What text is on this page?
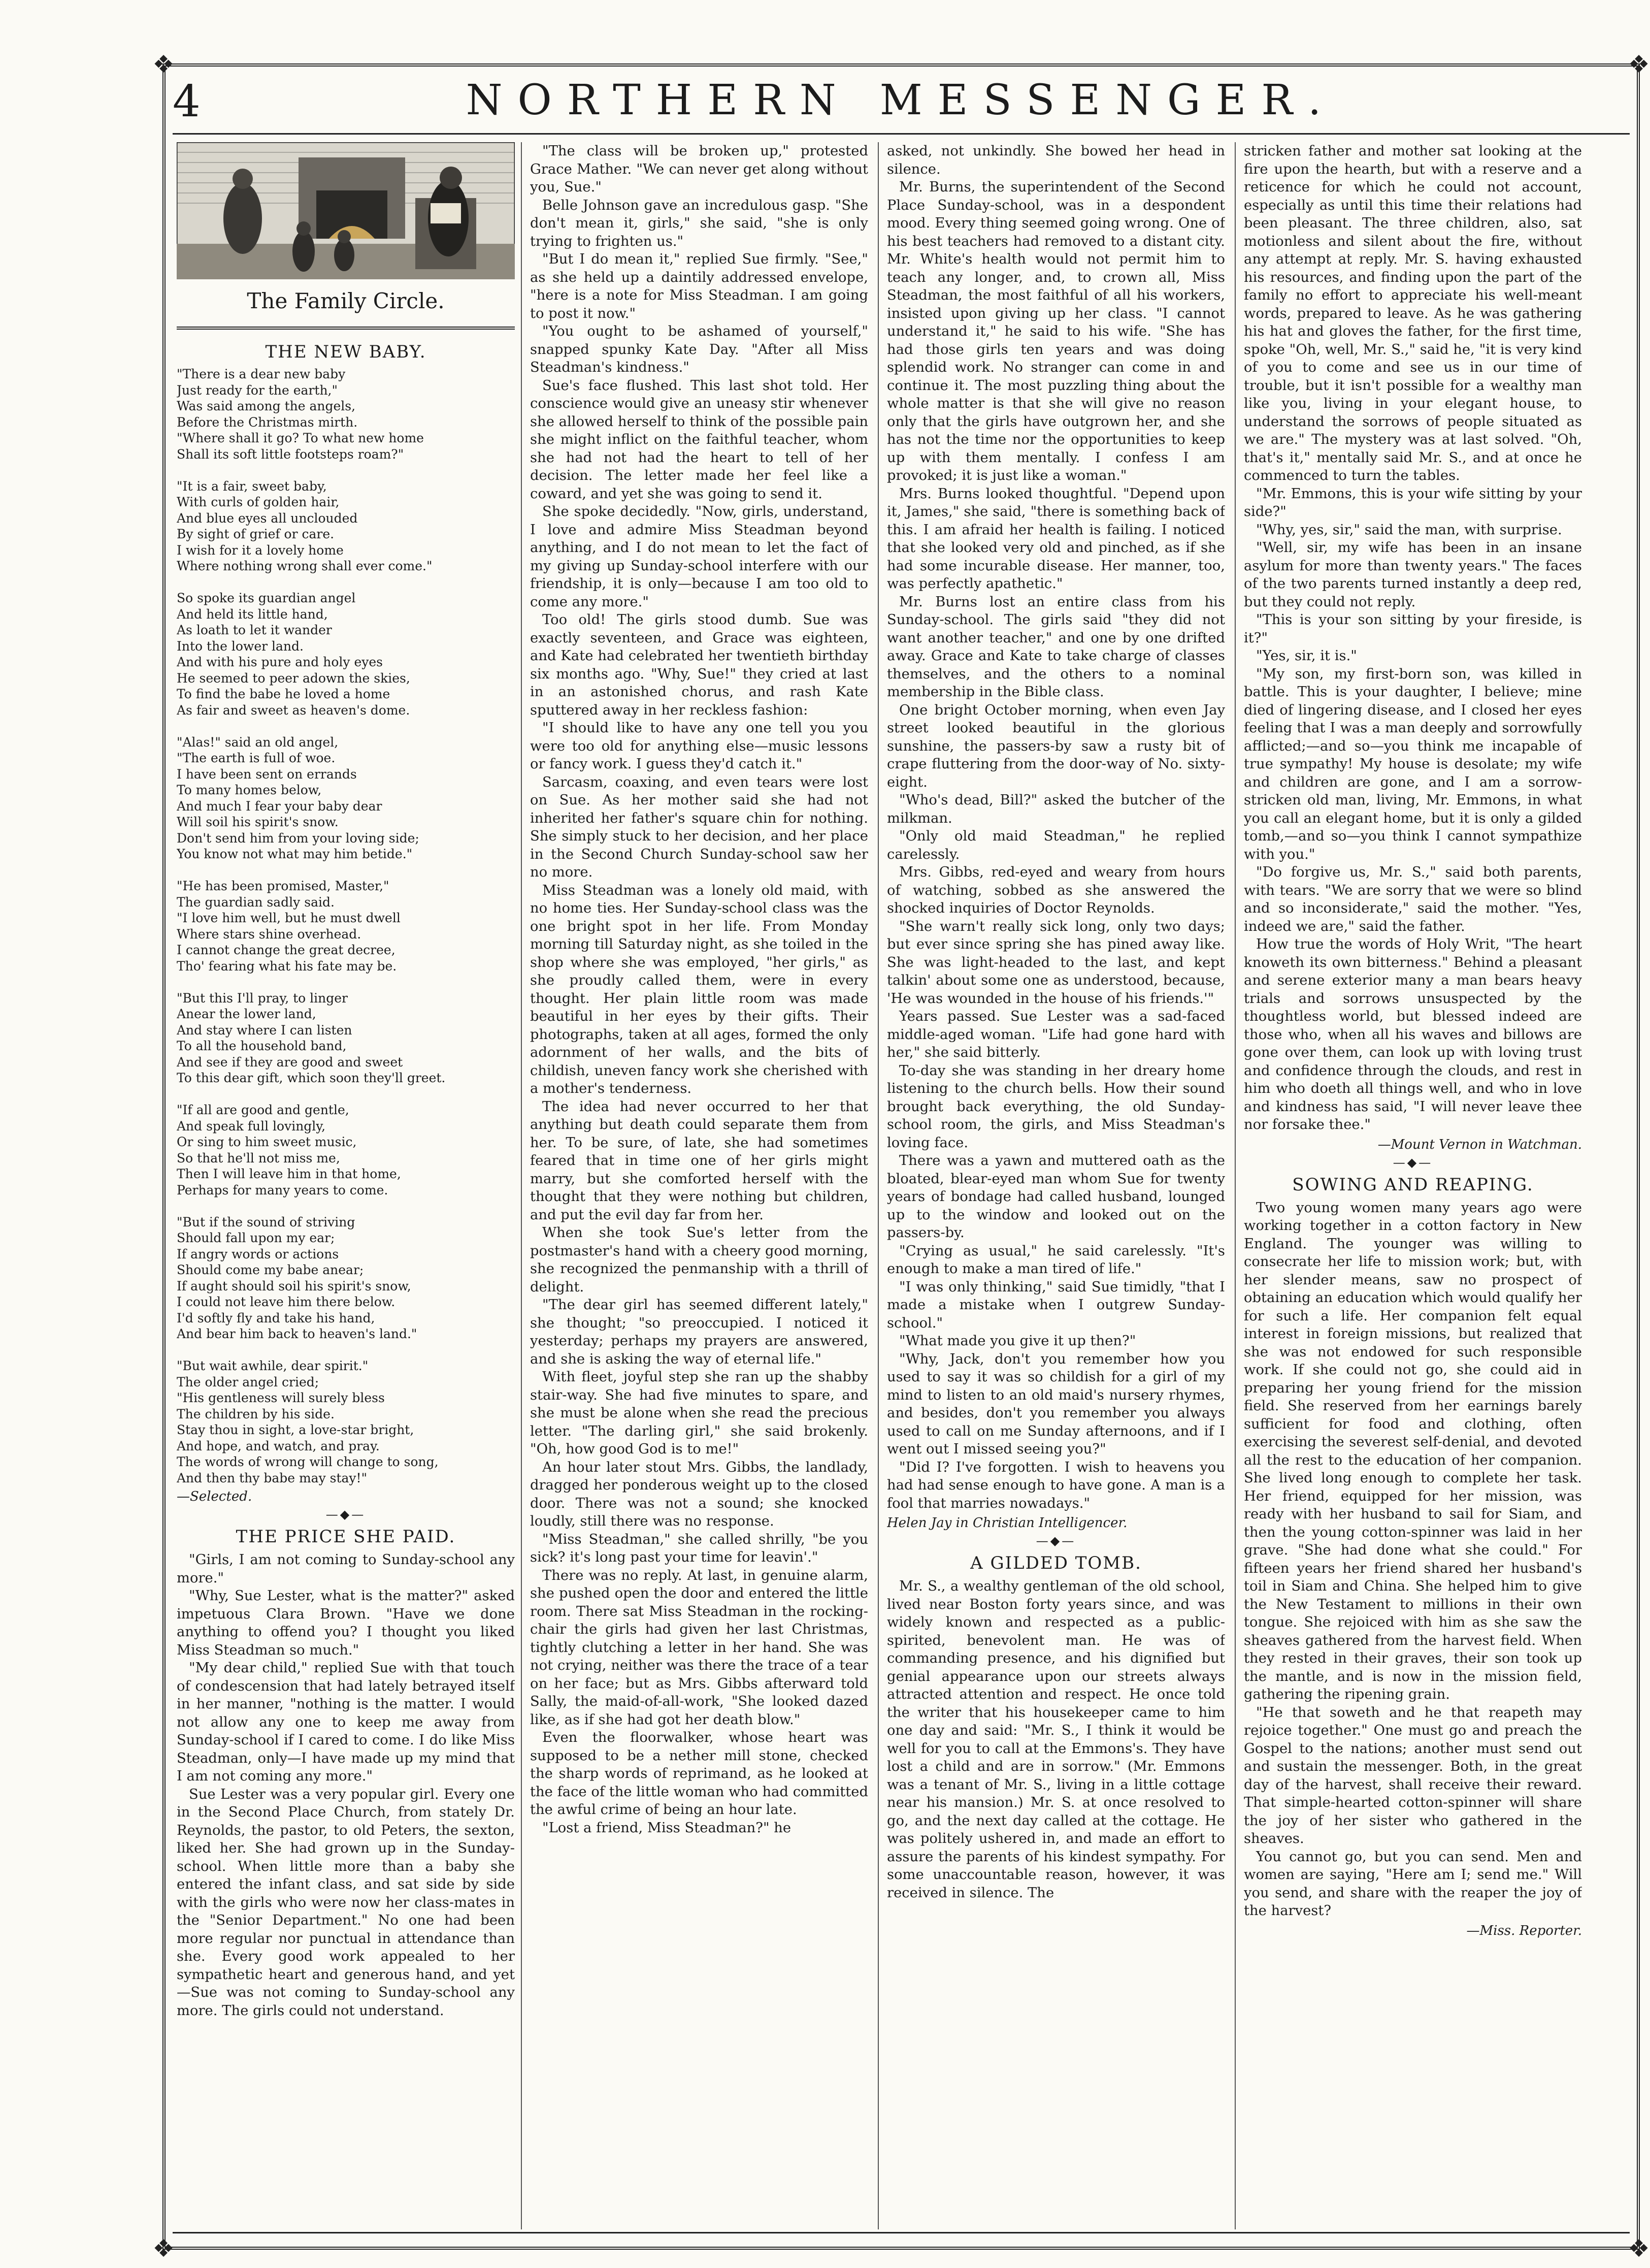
❖	❖
❖	❖
4	NORTHERN MESSENGER.
The Family Circle.
THE NEW BABY.

"There is a dear new baby
Just ready for the earth,"
Was said among the angels,
Before the Christmas mirth.
"Where shall it go? To what new home
Shall its soft little footsteps roam?"

"It is a fair, sweet baby,
With curls of golden hair,
And blue eyes all unclouded
By sight of grief or care.
I wish for it a lovely home
Where nothing wrong shall ever come."

So spoke its guardian angel
And held its little hand,
As loath to let it wander
Into the lower land.
And with his pure and holy eyes
He seemed to peer adown the skies,
To find the babe he loved a home
As fair and sweet as heaven's dome.

"Alas!" said an old angel,
"The earth is full of woe.
I have been sent on errands
To many homes below,
And much I fear your baby dear
Will soil his spirit's snow.
Don't send him from your loving side;
You know not what may him betide."

"He has been promised, Master,"
The guardian sadly said.
"I love him well, but he must dwell
Where stars shine overhead.
I cannot change the great decree,
Tho' fearing what his fate may be.

"But this I'll pray, to linger
Anear the lower land,
And stay where I can listen
To all the household band,
And see if they are good and sweet
To this dear gift, which soon they'll greet.

"If all are good and gentle,
And speak full lovingly,
Or sing to him sweet music,
So that he'll not miss me,
Then I will leave him in that home,
Perhaps for many years to come.

"But if the sound of striving
Should fall upon my ear;
If angry words or actions
Should come my babe anear;
If aught should soil his spirit's snow,
I could not leave him there below.
I'd softly fly and take his hand,
And bear him back to heaven's land."

"But wait awhile, dear spirit."
The older angel cried;
"His gentleness will surely bless
The children by his side.
Stay thou in sight, a love-star bright,
And hope, and watch, and pray.
The words of wrong will change to song,
And then thy babe may stay!"

—Selected.

—◆—
THE PRICE SHE PAID.

"Girls, I am not coming to Sunday-school any more."

"Why, Sue Lester, what is the matter?" asked impetuous Clara Brown. "Have we done anything to offend you? I thought you liked Miss Steadman so much."

"My dear child," replied Sue with that touch of condescension that had lately betrayed itself in her manner, "nothing is the matter. I would not allow any one to keep me away from Sunday-school if I cared to come. I do like Miss Steadman, only—I have made up my mind that I am not coming any more."

Sue Lester was a very popular girl. Every one in the Second Place Church, from stately Dr. Reynolds, the pastor, to old Peters, the sexton, liked her. She had grown up in the Sunday-school. When little more than a baby she entered the infant class, and sat side by side with the girls who were now her class-mates in the "Senior Department." No one had been more regular nor punctual in attendance than she. Every good work appealed to her sympathetic heart and generous hand, and yet—Sue was not coming to Sunday-school any more. The girls could not understand.

"The class will be broken up," protested Grace Mather. "We can never get along without you, Sue."

Belle Johnson gave an incredulous gasp. "She don't mean it, girls," she said, "she is only trying to frighten us."

"But I do mean it," replied Sue firmly. "See," as she held up a daintily addressed envelope, "here is a note for Miss Steadman. I am going to post it now."

"You ought to be ashamed of yourself," snapped spunky Kate Day. "After all Miss Steadman's kindness."

Sue's face flushed. This last shot told. Her conscience would give an uneasy stir whenever she allowed herself to think of the possible pain she might inflict on the faithful teacher, whom she had not had the heart to tell of her decision. The letter made her feel like a coward, and yet she was going to send it.

She spoke decidedly. "Now, girls, understand, I love and admire Miss Steadman beyond anything, and I do not mean to let the fact of my giving up Sunday-school interfere with our friendship, it is only—because I am too old to come any more."

Too old! The girls stood dumb. Sue was exactly seventeen, and Grace was eighteen, and Kate had celebrated her twentieth birthday six months ago. "Why, Sue!" they cried at last in an astonished chorus, and rash Kate sputtered away in her reckless fashion:

"I should like to have any one tell you you were too old for anything else—music lessons or fancy work. I guess they'd catch it."

Sarcasm, coaxing, and even tears were lost on Sue. As her mother said she had not inherited her father's square chin for nothing. She simply stuck to her decision, and her place in the Second Church Sunday-school saw her no more.

Miss Steadman was a lonely old maid, with no home ties. Her Sunday-school class was the one bright spot in her life. From Monday morning till Saturday night, as she toiled in the shop where she was employed, "her girls," as she proudly called them, were in every thought. Her plain little room was made beautiful in her eyes by their gifts. Their photographs, taken at all ages, formed the only adornment of her walls, and the bits of childish, uneven fancy work she cherished with a mother's tenderness.

The idea had never occurred to her that anything but death could separate them from her. To be sure, of late, she had sometimes feared that in time one of her girls might marry, but she comforted herself with the thought that they were nothing but children, and put the evil day far from her.

When she took Sue's letter from the postmaster's hand with a cheery good morning, she recognized the penmanship with a thrill of delight.

"The dear girl has seemed different lately," she thought; "so preoccupied. I noticed it yesterday; perhaps my prayers are answered, and she is asking the way of eternal life."

With fleet, joyful step she ran up the shabby stair-way. She had five minutes to spare, and she must be alone when she read the precious letter. "The darling girl," she said brokenly. "Oh, how good God is to me!"

An hour later stout Mrs. Gibbs, the landlady, dragged her ponderous weight up to the closed door. There was not a sound; she knocked loudly, still there was no response.

"Miss Steadman," she called shrilly, "be you sick? it's long past your time for leavin'."

There was no reply. At last, in genuine alarm, she pushed open the door and entered the little room. There sat Miss Steadman in the rocking-chair the girls had given her last Christmas, tightly clutching a letter in her hand. She was not crying, neither was there the trace of a tear on her face; but as Mrs. Gibbs afterward told Sally, the maid-of-all-work, "She looked dazed like, as if she had got her death blow."

Even the floorwalker, whose heart was supposed to be a nether mill stone, checked the sharp words of reprimand, as he looked at the face of the little woman who had committed the awful crime of being an hour late.

"Lost a friend, Miss Steadman?" he

asked, not unkindly. She bowed her head in silence.

Mr. Burns, the superintendent of the Second Place Sunday-school, was in a despondent mood. Every thing seemed going wrong. One of his best teachers had removed to a distant city. Mr. White's health would not permit him to teach any longer, and, to crown all, Miss Steadman, the most faithful of all his workers, insisted upon giving up her class. "I cannot understand it," he said to his wife. "She has had those girls ten years and was doing splendid work. No stranger can come in and continue it. The most puzzling thing about the whole matter is that she will give no reason only that the girls have outgrown her, and she has not the time nor the opportunities to keep up with them mentally. I confess I am provoked; it is just like a woman."

Mrs. Burns looked thoughtful. "Depend upon it, James," she said, "there is something back of this. I am afraid her health is failing. I noticed that she looked very old and pinched, as if she had some incurable disease. Her manner, too, was perfectly apathetic."

Mr. Burns lost an entire class from his Sunday-school. The girls said "they did not want another teacher," and one by one drifted away. Grace and Kate to take charge of classes themselves, and the others to a nominal membership in the Bible class.

One bright October morning, when even Jay street looked beautiful in the glorious sunshine, the passers-by saw a rusty bit of crape fluttering from the door-way of No. sixty-eight.

"Who's dead, Bill?" asked the butcher of the milkman.

"Only old maid Steadman," he replied carelessly.

Mrs. Gibbs, red-eyed and weary from hours of watching, sobbed as she answered the shocked inquiries of Doctor Reynolds.

"She warn't really sick long, only two days; but ever since spring she has pined away like. She was light-headed to the last, and kept talkin' about some one as understood, because, 'He was wounded in the house of his friends.'"

Years passed. Sue Lester was a sad-faced middle-aged woman. "Life had gone hard with her," she said bitterly.

To-day she was standing in her dreary home listening to the church bells. How their sound brought back everything, the old Sunday-school room, the girls, and Miss Steadman's loving face.

There was a yawn and muttered oath as the bloated, blear-eyed man whom Sue for twenty years of bondage had called husband, lounged up to the window and looked out on the passers-by.

"Crying as usual," he said carelessly. "It's enough to make a man tired of life."

"I was only thinking," said Sue timidly, "that I made a mistake when I outgrew Sunday-school."

"What made you give it up then?"

"Why, Jack, don't you remember how you used to say it was so childish for a girl of my mind to listen to an old maid's nursery rhymes, and besides, don't you remember you always used to call on me Sunday afternoons, and if I went out I missed seeing you?"

"Did I? I've forgotten. I wish to heavens you had had sense enough to have gone. A man is a fool that marries nowadays."

Helen Jay in Christian Intelligencer.

—◆—
A GILDED TOMB.

Mr. S., a wealthy gentleman of the old school, lived near Boston forty years since, and was widely known and respected as a public-spirited, benevolent man. He was of commanding presence, and his dignified but genial appearance upon our streets always attracted attention and respect. He once told the writer that his housekeeper came to him one day and said: "Mr. S., I think it would be well for you to call at the Emmons's. They have lost a child and are in sorrow." (Mr. Emmons was a tenant of Mr. S., living in a little cottage near his mansion.) Mr. S. at once resolved to go, and the next day called at the cottage. He was politely ushered in, and made an effort to assure the parents of his kindest sympathy. For some unaccountable reason, however, it was received in silence. The

stricken father and mother sat looking at the fire upon the hearth, but with a reserve and a reticence for which he could not account, especially as until this time their relations had been pleasant. The three children, also, sat motionless and silent about the fire, without any attempt at reply. Mr. S. having exhausted his resources, and finding upon the part of the family no effort to appreciate his well-meant words, prepared to leave. As he was gathering his hat and gloves the father, for the first time, spoke "Oh, well, Mr. S.," said he, "it is very kind of you to come and see us in our time of trouble, but it isn't possible for a wealthy man like you, living in your elegant house, to understand the sorrows of people situated as we are." The mystery was at last solved. "Oh, that's it," mentally said Mr. S., and at once he commenced to turn the tables.

"Mr. Emmons, this is your wife sitting by your side?"

"Why, yes, sir," said the man, with surprise.

"Well, sir, my wife has been in an insane asylum for more than twenty years." The faces of the two parents turned instantly a deep red, but they could not reply.

"This is your son sitting by your fireside, is it?"

"Yes, sir, it is."

"My son, my first-born son, was killed in battle. This is your daughter, I believe; mine died of lingering disease, and I closed her eyes feeling that I was a man deeply and sorrowfully afflicted;—and so—you think me incapable of true sympathy! My house is desolate; my wife and children are gone, and I am a sorrow-stricken old man, living, Mr. Emmons, in what you call an elegant home, but it is only a gilded tomb,—and so—you think I cannot sympathize with you."

"Do forgive us, Mr. S.," said both parents, with tears. "We are sorry that we were so blind and so inconsiderate," said the mother. "Yes, indeed we are," said the father.

How true the words of Holy Writ, "The heart knoweth its own bitterness." Behind a pleasant and serene exterior many a man bears heavy trials and sorrows unsuspected by the thoughtless world, but blessed indeed are those who, when all his waves and billows are gone over them, can look up with loving trust and confidence through the clouds, and rest in him who doeth all things well, and who in love and kindness has said, "I will never leave thee nor forsake thee."

—Mount Vernon in Watchman.

—◆—
SOWING AND REAPING.

Two young women many years ago were working together in a cotton factory in New England. The younger was willing to consecrate her life to mission work; but, with her slender means, saw no prospect of obtaining an education which would qualify her for such a life. Her companion felt equal interest in foreign missions, but realized that she was not endowed for such responsible work. If she could not go, she could aid in preparing her young friend for the mission field. She reserved from her earnings barely sufficient for food and clothing, often exercising the severest self-denial, and devoted all the rest to the education of her companion. She lived long enough to complete her task. Her friend, equipped for her mission, was ready with her husband to sail for Siam, and then the young cotton-spinner was laid in her grave. "She had done what she could." For fifteen years her friend shared her husband's toil in Siam and China. She helped him to give the New Testament to millions in their own tongue. She rejoiced with him as she saw the sheaves gathered from the harvest field. When they rested in their graves, their son took up the mantle, and is now in the mission field, gathering the ripening grain.

"He that soweth and he that reapeth may rejoice together." One must go and preach the Gospel to the nations; another must send out and sustain the messenger. Both, in the great day of the harvest, shall receive their reward. That simple-hearted cotton-spinner will share the joy of her sister who gathered in the sheaves.

You cannot go, but you can send. Men and women are saying, "Here am I; send me." Will you send, and share with the reaper the joy of the harvest?

—Miss. Reporter.
